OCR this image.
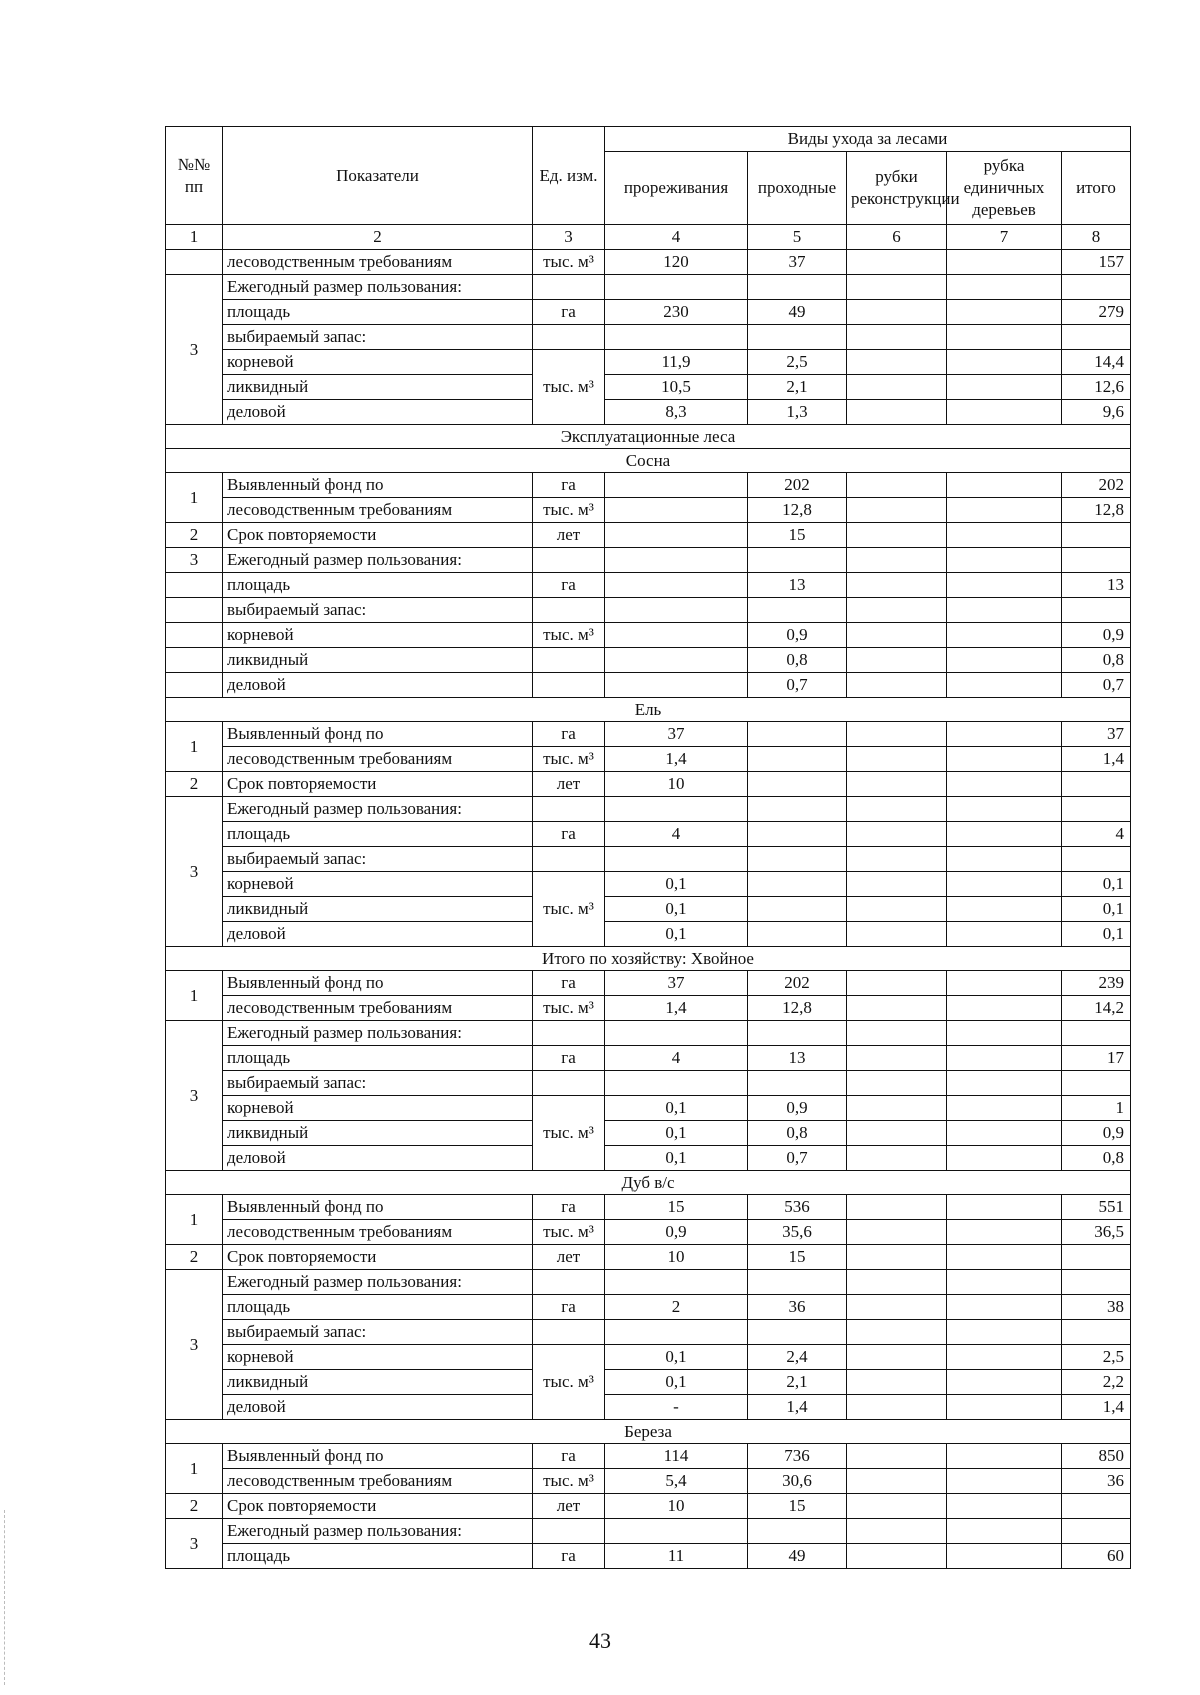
№№ пп	Показатели	Ед. изм.	Виды ухода за лесами				
			прореживания	проходные	рубки реконструкции	рубка единичных деревьев	итого
1	2	3	4	5	6	7	8
	лесоводственным требованиям	тыс. м³	120	37			157
3	Ежегодный размер пользования:						
	площадь	га	230	49			279
	выбираемый запас:						
	корневой	тыс. м³	11,9	2,5			14,4
	ликвидный		10,5	2,1			12,6
	деловой		8,3	1,3			9,6
Эксплуатационные леса							
Сосна							
1	Выявленный фонд по	га		202			202
	лесоводственным требованиям	тыс. м³		12,8			12,8
2	Срок повторяемости	лет		15			
3	Ежегодный размер пользования:						
	площадь	га		13			13
	выбираемый запас:						
	корневой	тыс. м³		0,9			0,9
	ликвидный			0,8			0,8
	деловой			0,7			0,7
Ель							
1	Выявленный фонд по	га	37				37
	лесоводственным требованиям	тыс. м³	1,4				1,4
2	Срок повторяемости	лет	10				
3	Ежегодный размер пользования:						
	площадь	га	4				4
	выбираемый запас:						
	корневой	тыс. м³	0,1				0,1
	ликвидный		0,1				0,1
	деловой		0,1				0,1
Итого по хозяйству: Хвойное							
1	Выявленный фонд по	га	37	202			239
	лесоводственным требованиям	тыс. м³	1,4	12,8			14,2
3	Ежегодный размер пользования:						
	площадь	га	4	13			17
	выбираемый запас:						
	корневой	тыс. м³	0,1	0,9			1
	ликвидный		0,1	0,8			0,9
	деловой		0,1	0,7			0,8
Дуб в/с							
1	Выявленный фонд по	га	15	536			551
	лесоводственным требованиям	тыс. м³	0,9	35,6			36,5
2	Срок повторяемости	лет	10	15			
3	Ежегодный размер пользования:						
	площадь	га	2	36			38
	выбираемый запас:						
	корневой	тыс. м³	0,1	2,4			2,5
	ликвидный		0,1	2,1			2,2
	деловой		-	1,4			1,4
Береза							
1	Выявленный фонд по	га	114	736			850
	лесоводственным требованиям	тыс. м³	5,4	30,6			36
2	Срок повторяемости	лет	10	15			
3	Ежегодный размер пользования:						
	площадь	га	11	49			60
43
